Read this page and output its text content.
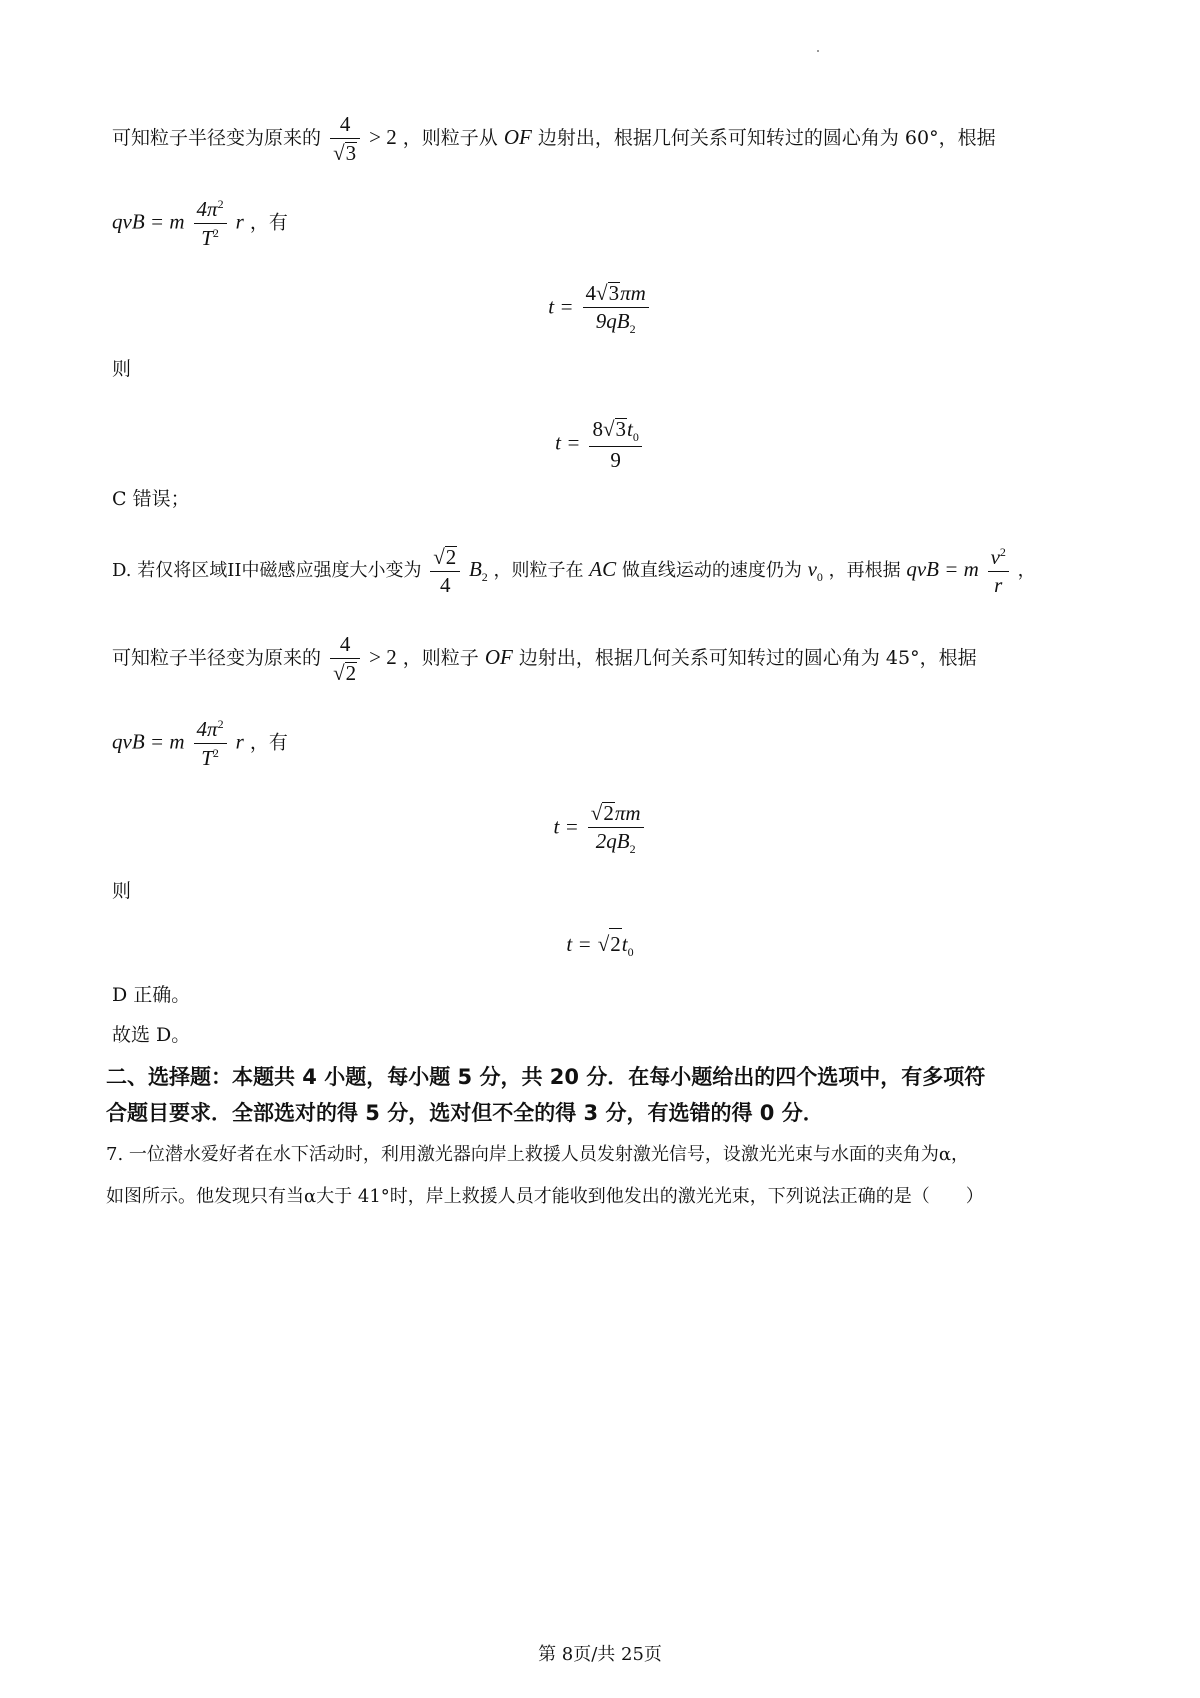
可知粒子半径变为原来的 $\frac{4}{√3} > 2$ ，则粒子从 OF 边射出，根据几何关系可知转过的圆心角为 60°，根据
qvB = m $\frac{4\pi^2}{T^2}$ r ，有
$t = \frac{4√3\pi m}{9qB_2}$
则
$t = \frac{8√3t_0}{9}$
C 错误；
D. 若仅将区域II中磁感应强度大小变为 $\frac{√2}{4} B_2$ ，则粒子在 AC 做直线运动的速度仍为 $v_0$ ，再根据 qvB = m $\frac{v^2}{r}$ ，
可知粒子半径变为原来的 $\frac{4}{√2} > 2$ ，则粒子 OF 边射出，根据几何关系可知转过的圆心角为 45°，根据
qvB = m $\frac{4\pi^2}{T^2}$ r ，有
$t = \frac{√2\pi m}{2qB_2}$
则
$t = √2t_0$
D 正确。
故选 D。
二、选择题：本题共 4 小题，每小题 5 分，共 20 分．在每小题给出的四个选项中，有多项符
合题目要求．全部选对的得 5 分，选对但不全的得 3 分，有选错的得 0 分．
7. 一位潜水爱好者在水下活动时，利用激光器向岸上救援人员发射激光信号，设激光光束与水面的夹角为α，
如图所示。他发现只有当α大于 41°时，岸上救援人员才能收到他发出的激光光束，下列说法正确的是（　　）
第 8页/共 25页
